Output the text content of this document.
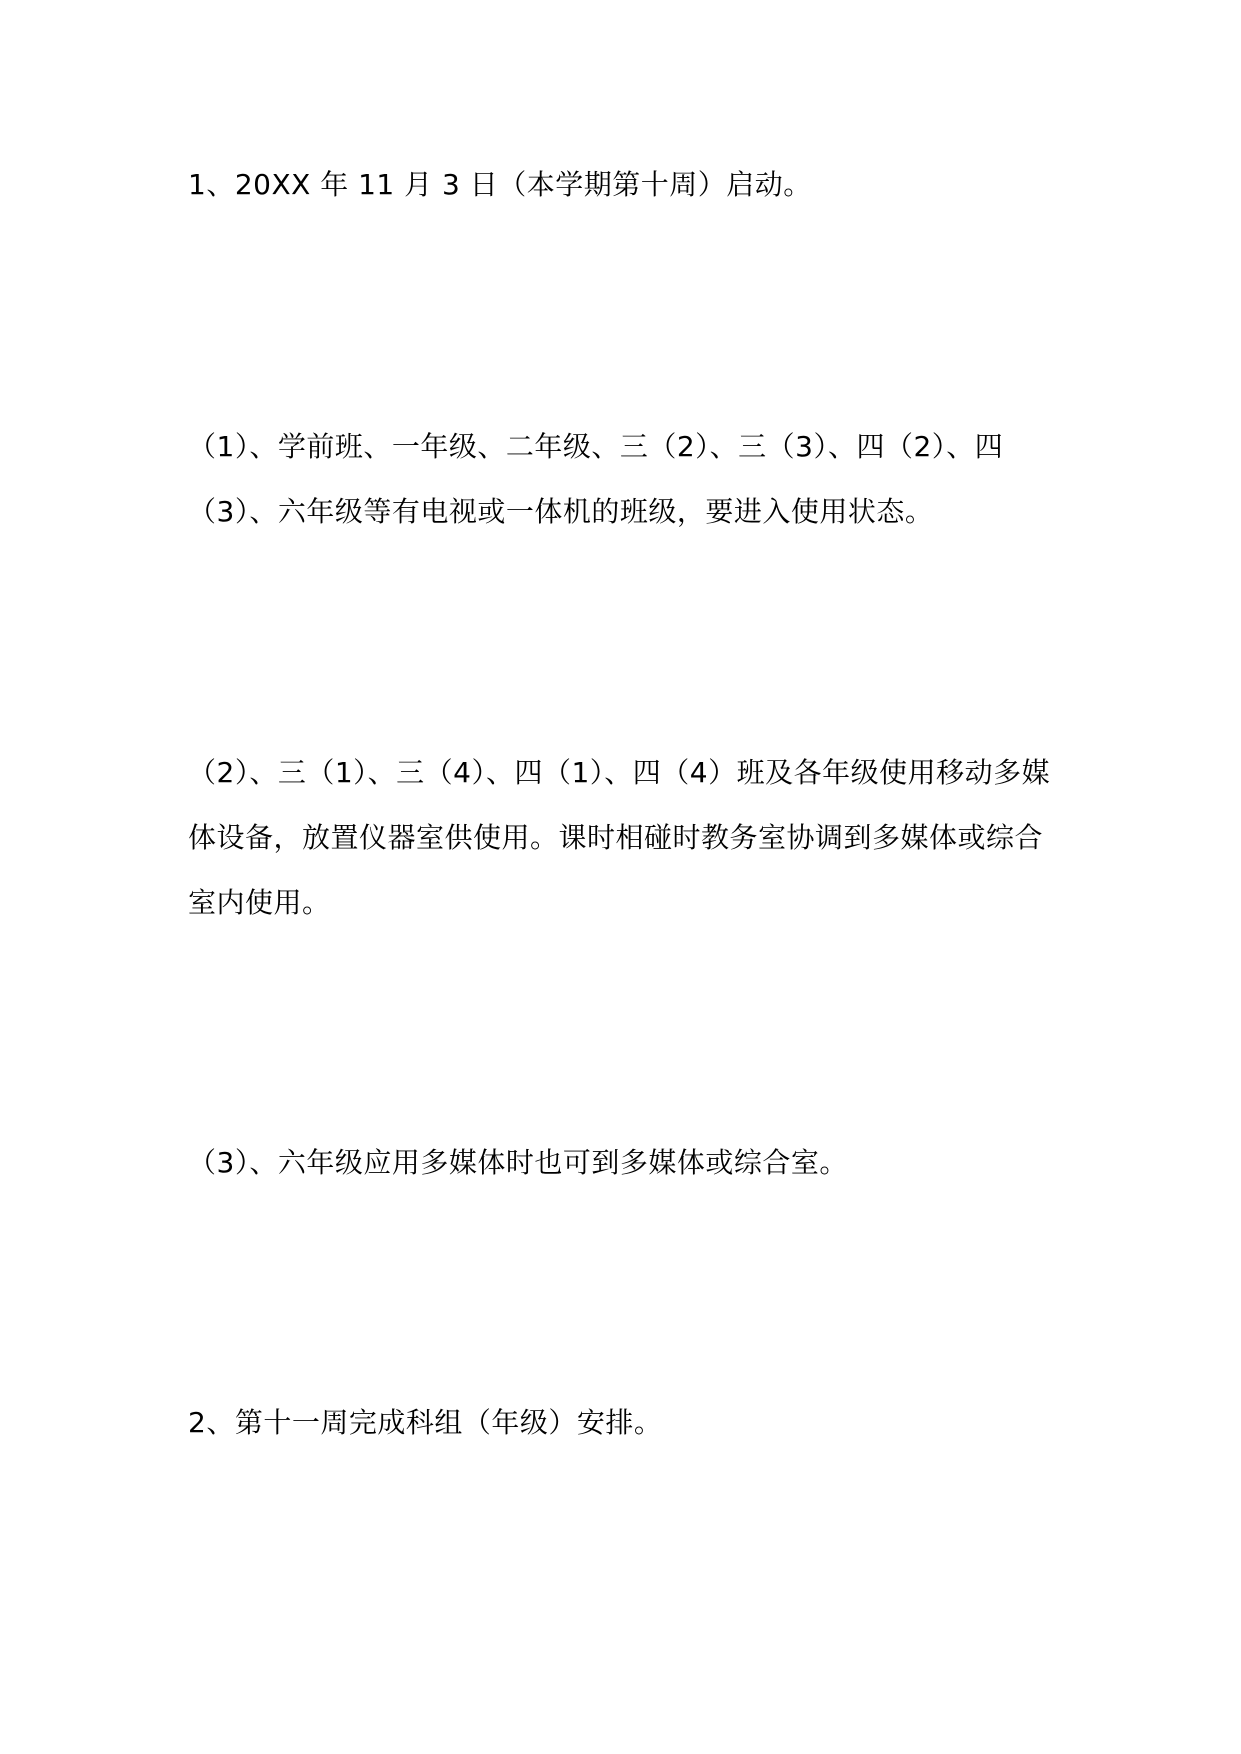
1、20XX 年 11 月 3 日（本学期第十周）启动。

（1）、学前班、一年级、二年级、三（2）、三（3）、四（2）、四
（3）、六年级等有电视或一体机的班级，要进入使用状态。

（2）、三（1）、三（4）、四（1）、四（4）班及各年级使用移动多媒
体设备，放置仪器室供使用。课时相碰时教务室协调到多媒体或综合
室内使用。

（3）、六年级应用多媒体时也可到多媒体或综合室。

2、第十一周完成科组（年级）安排。
